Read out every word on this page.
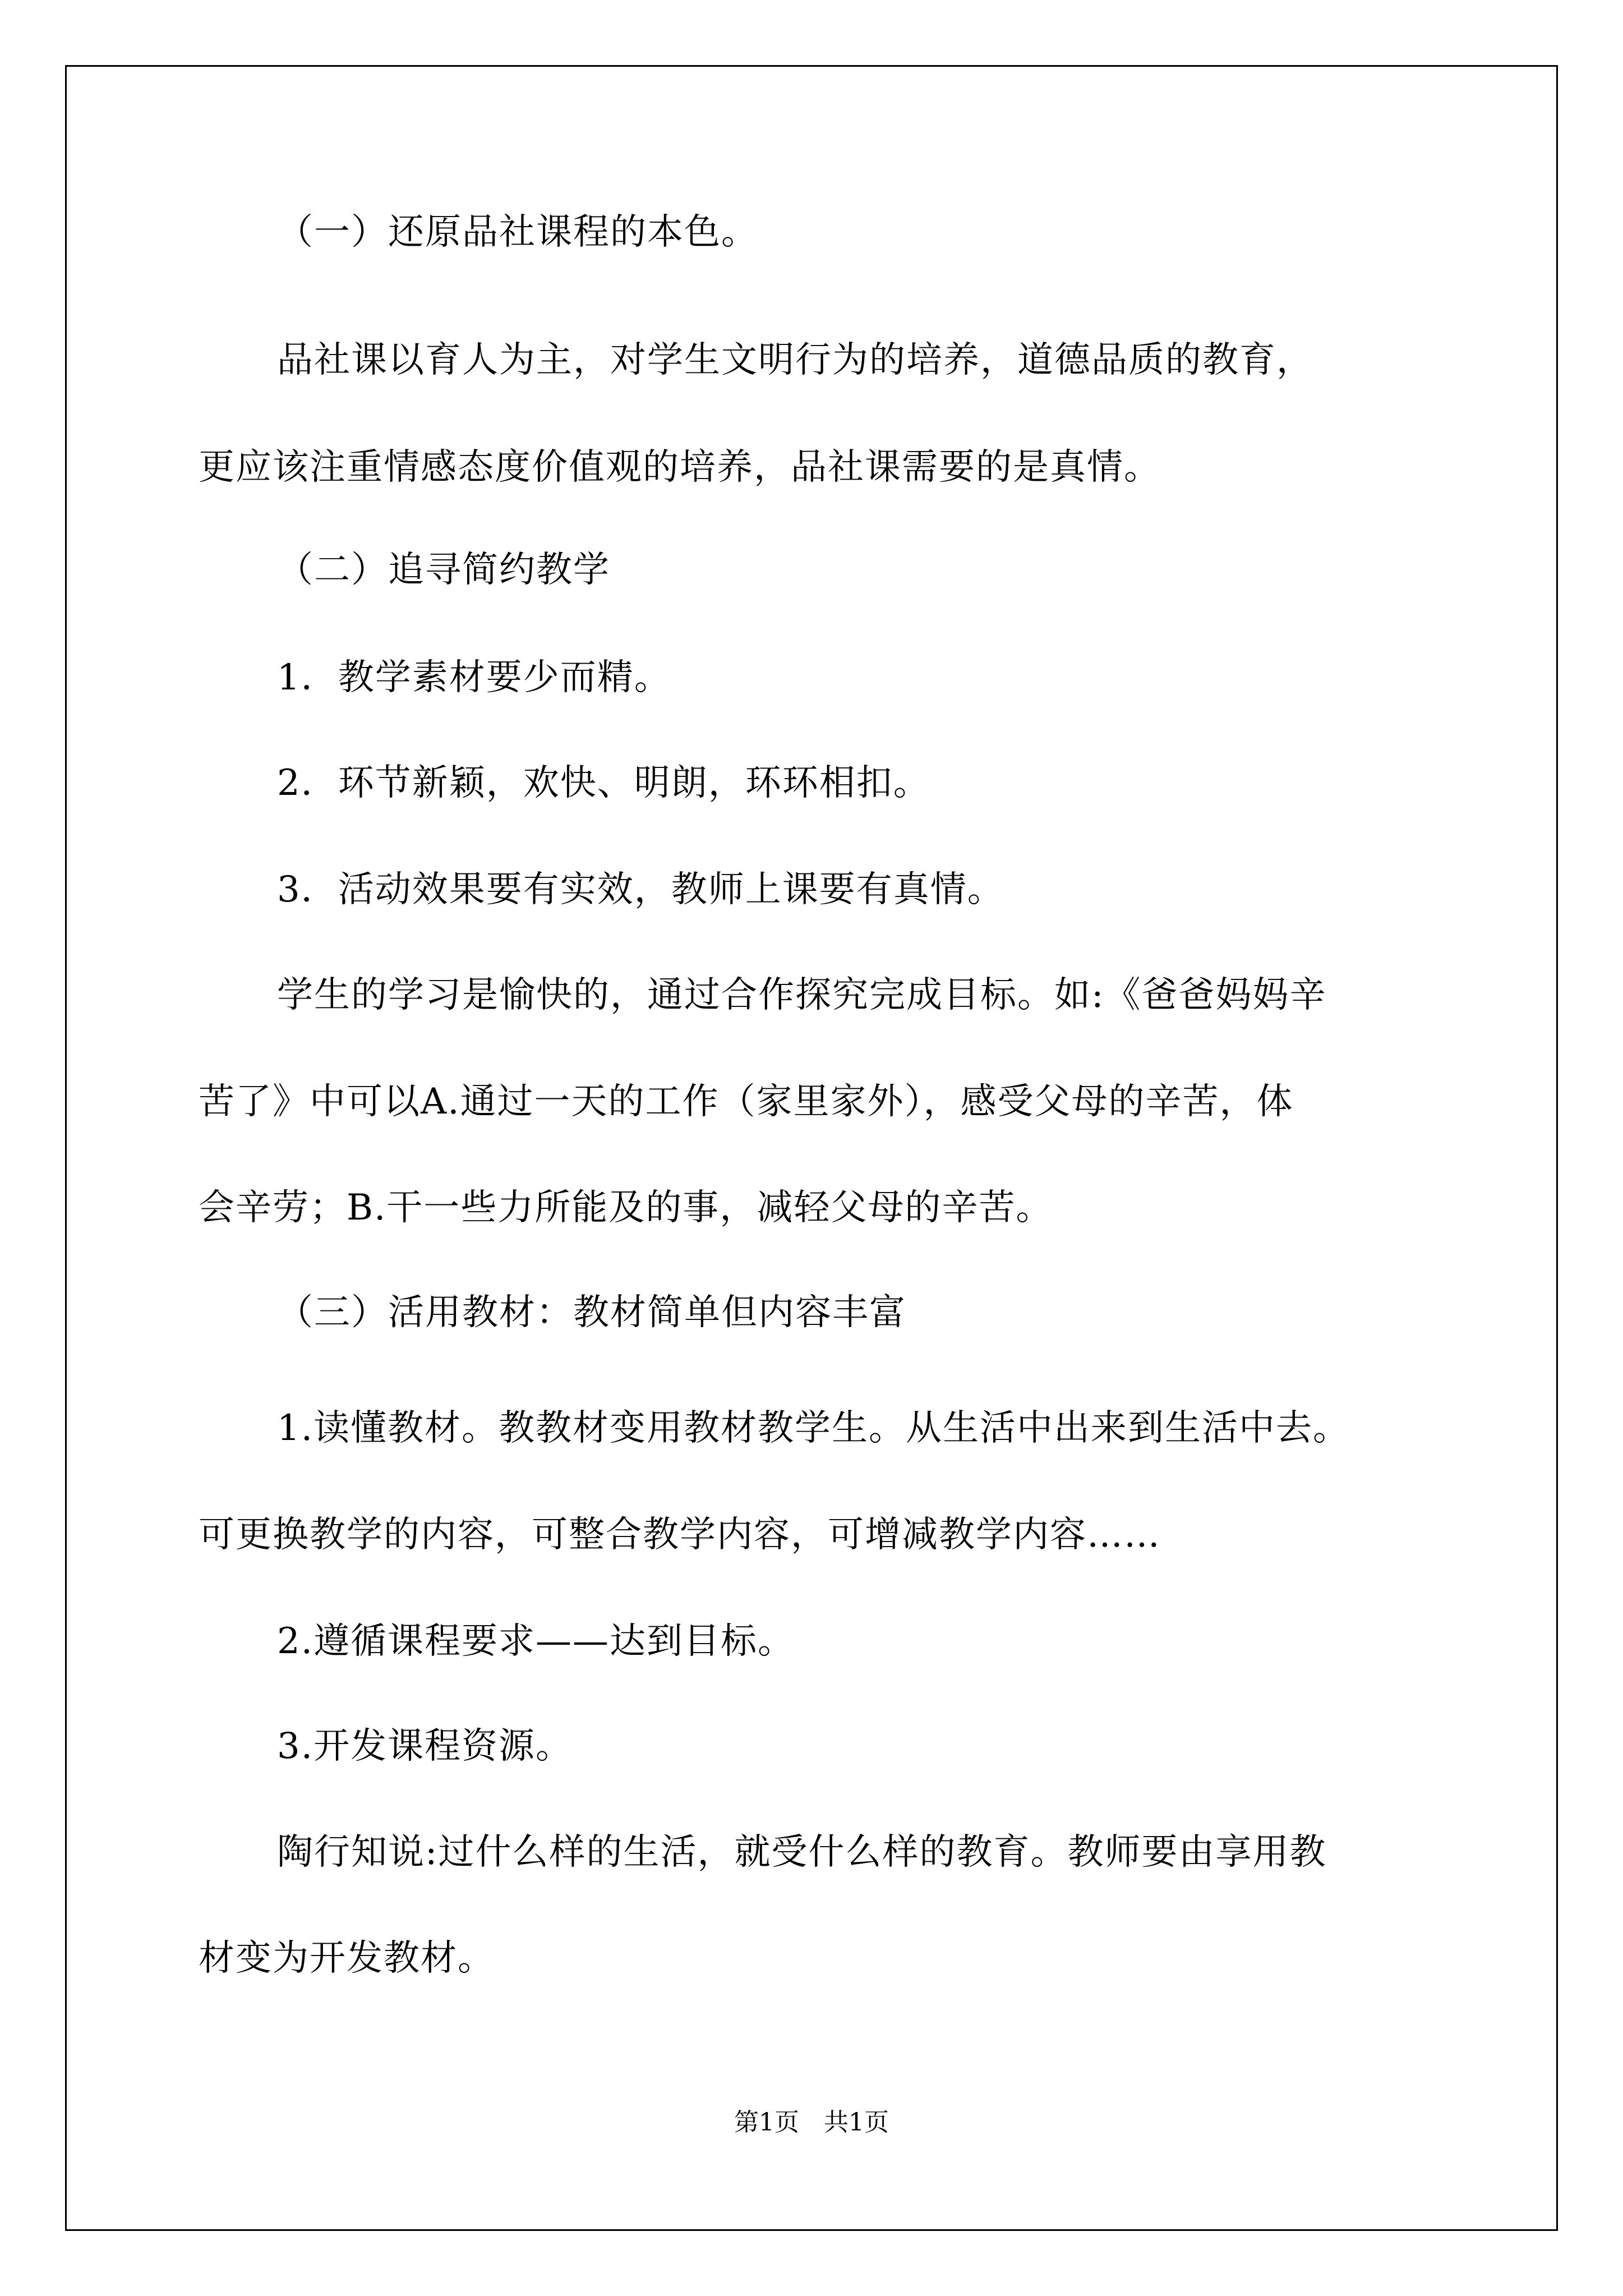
（一）还原品社课程的本色。
品社课以育人为主，对学生文明行为的培养，道德品质的教育，
更应该注重情感态度价值观的培养，品社课需要的是真情。
（二）追寻简约教学
1．教学素材要少而精。
2．环节新颖，欢快、明朗，环环相扣。
3．活动效果要有实效，教师上课要有真情。
学生的学习是愉快的，通过合作探究完成目标。如:《爸爸妈妈辛
苦了》中可以A.通过一天的工作（家里家外），感受父母的辛苦，体
会辛劳；B.干一些力所能及的事，减轻父母的辛苦。
（三）活用教材：教材简单但内容丰富
1.读懂教材。教教材变用教材教学生。从生活中出来到生活中去。
可更换教学的内容，可整合教学内容，可增减教学内容……
2.遵循课程要求——达到目标。
3.开发课程资源。
陶行知说:过什么样的生活，就受什么样的教育。教师要由享用教
材变为开发教材。
第1页　共1页
